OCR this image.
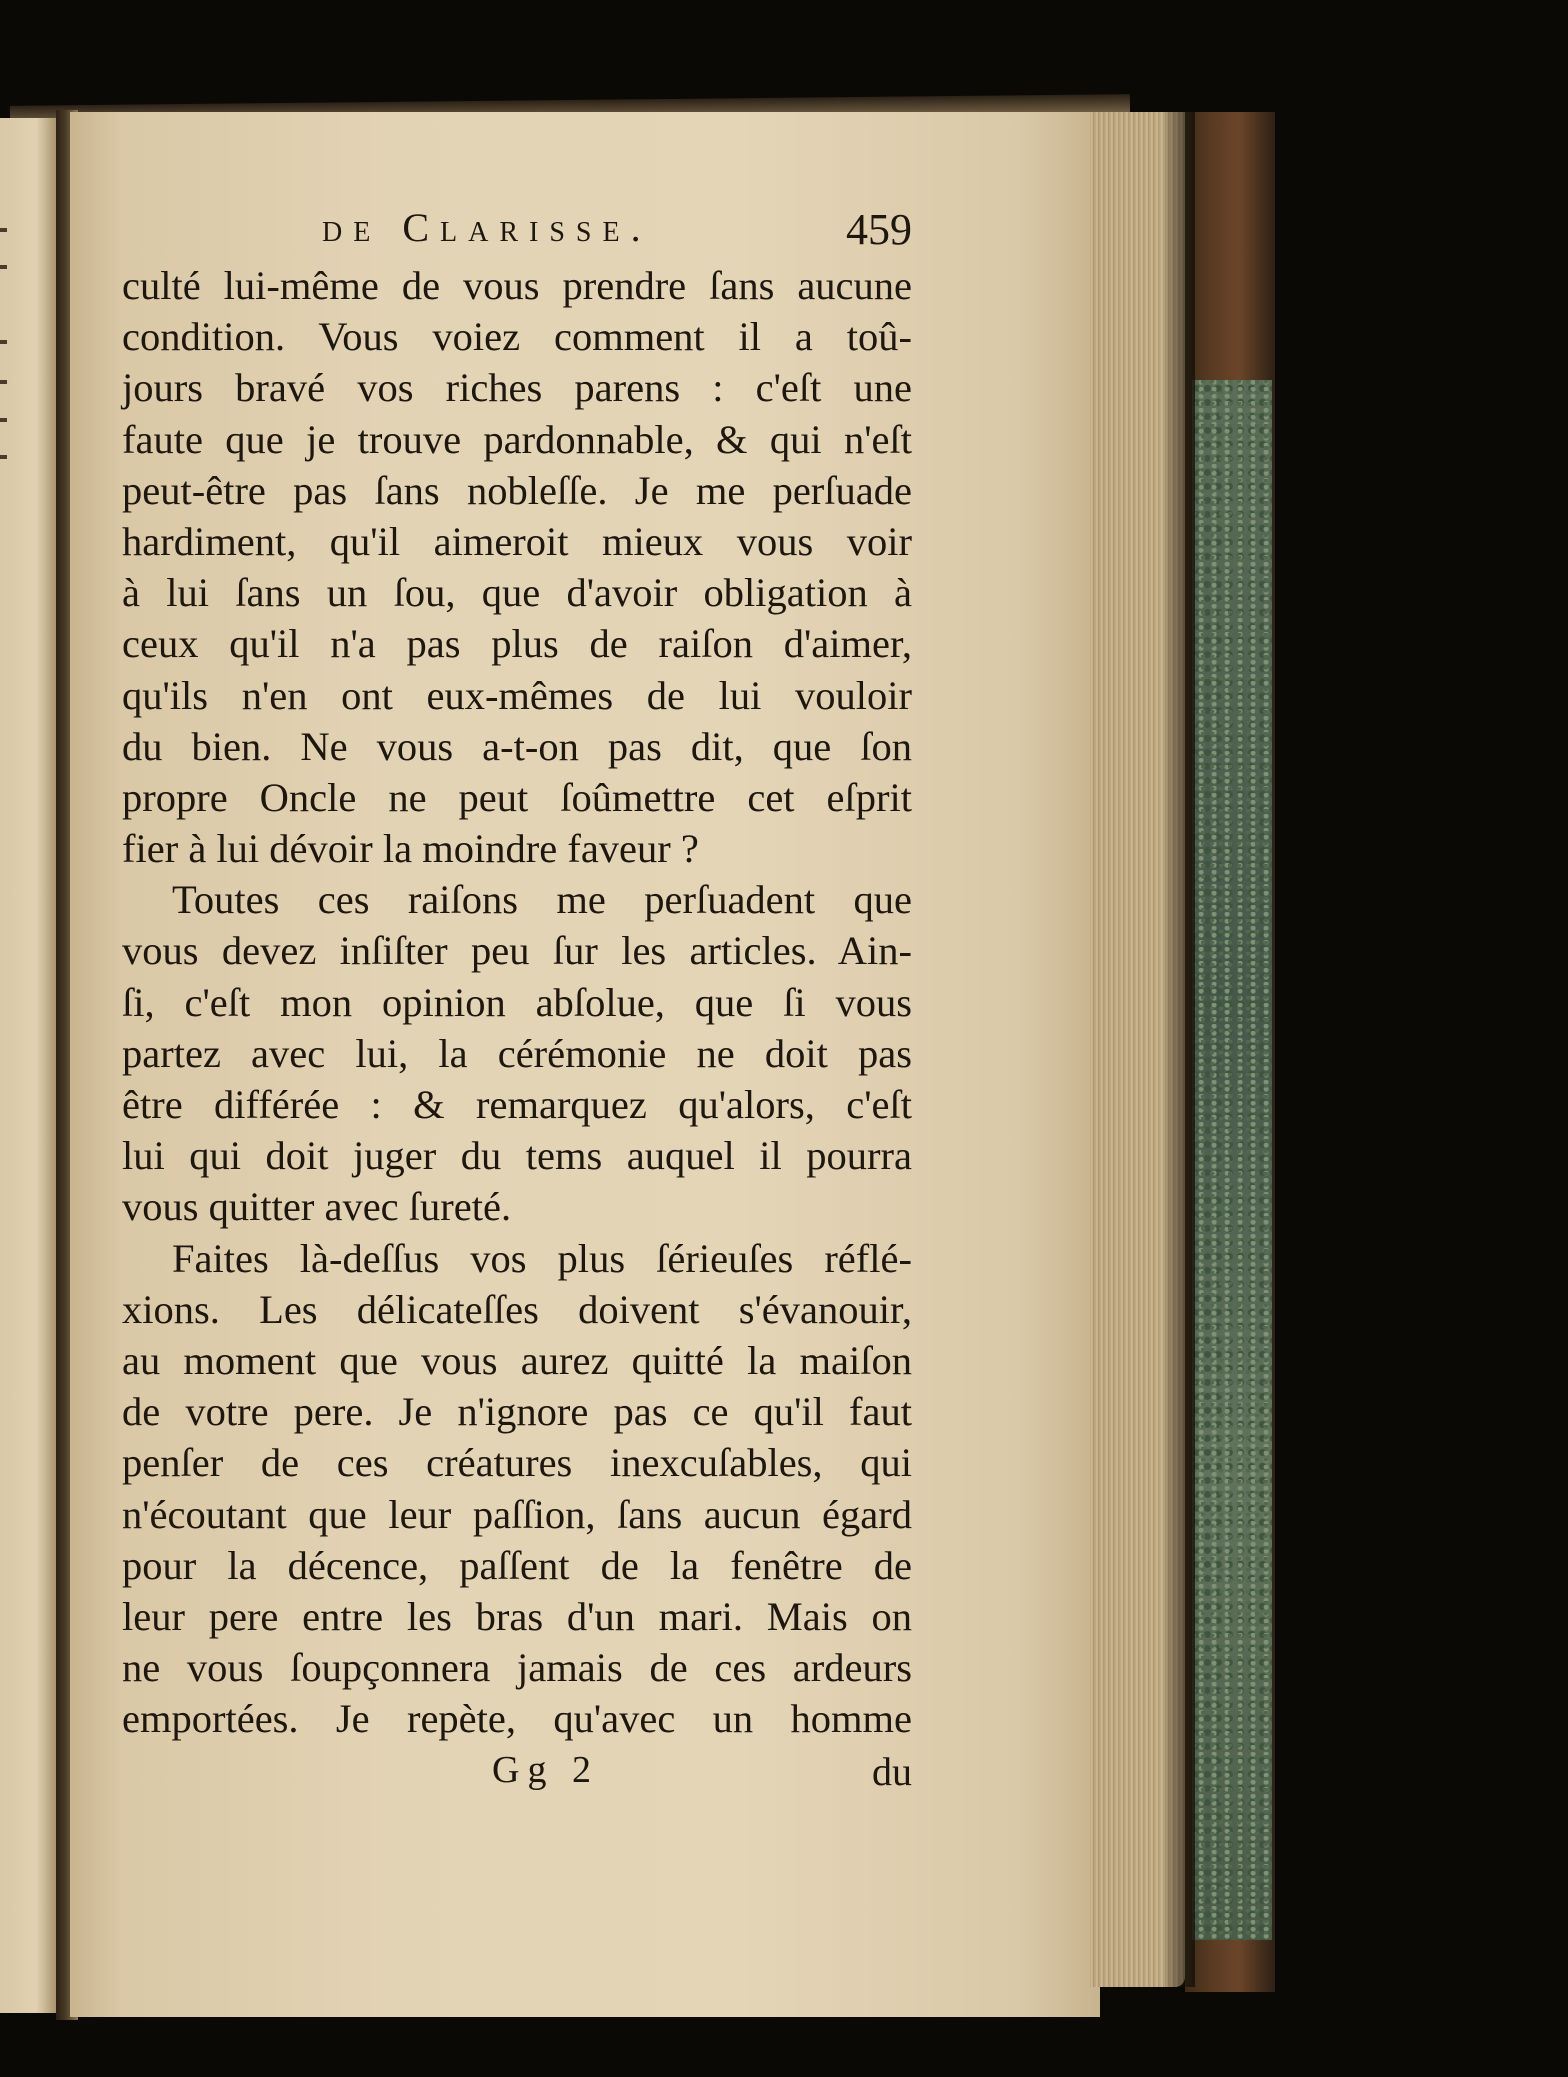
de Clarisse.	459
culté lui-même de vous prendre ſans aucune
condition. Vous voiez comment il a toû-
jours bravé vos riches parens : c'eſt une
faute que je trouve pardonnable, & qui n'eſt
peut-être pas ſans nobleſſe. Je me perſuade
hardiment, qu'il aimeroit mieux vous voir
à lui ſans un ſou, que d'avoir obligation à
ceux qu'il n'a pas plus de raiſon d'aimer,
qu'ils n'en ont eux-mêmes de lui vouloir
du bien. Ne vous a-t-on pas dit, que ſon
propre Oncle ne peut ſoûmettre cet eſprit
fier à lui dévoir la moindre faveur ?
Toutes ces raiſons me perſuadent que
vous devez inſiſter peu ſur les articles. Ain-
ſi, c'eſt mon opinion abſolue, que ſi vous
partez avec lui, la cérémonie ne doit pas
être différée : & remarquez qu'alors, c'eſt
lui qui doit juger du tems auquel il pourra
vous quitter avec ſureté.
Faites là-deſſus vos plus ſérieuſes réflé-
xions. Les délicateſſes doivent s'évanouir,
au moment que vous aurez quitté la maiſon
de votre pere. Je n'ignore pas ce qu'il faut
penſer de ces créatures inexcuſables, qui
n'écoutant que leur paſſion, ſans aucun égard
pour la décence, paſſent de la fenêtre de
leur pere entre les bras d'un mari. Mais on
ne vous ſoupçonnera jamais de ces ardeurs
emportées. Je repète, qu'avec un homme
Gg 2	du
